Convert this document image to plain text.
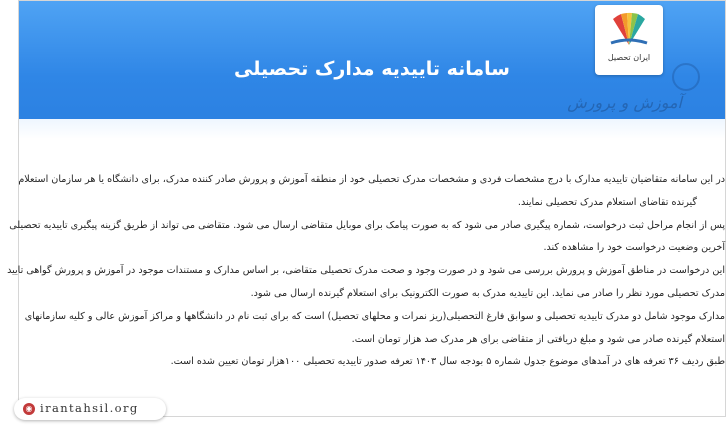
سامانه تاییدیه مدارک تحصیلی
آموزش و پرورش

در این سامانه متقاضیان تاییدیه مدارک با درج مشخصات فردی و مشخصات مدرک تحصیلی خود از منطقه آموزش و پرورش صادر کننده مدرک، برای دانشگاه یا هر سازمان استعلام

گیرنده تقاضای استعلام مدرک تحصیلی نمایند.

پس از انجام مراحل ثبت درخواست، شماره پیگیری صادر می شود که به صورت پیامک برای موبایل متقاضی ارسال می شود. متقاضی می تواند از طریق گزینه پیگیری تاییدیه تحصیلی

آخرین وضعیت درخواست خود را مشاهده کند.

این درخواست در مناطق آموزش و پرورش بررسی می شود و در صورت وجود و صحت مدرک تحصیلی متقاضی، بر اساس مدارک و مستندات موجود در آموزش و پرورش گواهی تایید

مدرک تحصیلی مورد نظر را صادر می نماید. این تاییدیه مدرک به صورت الکترونیک برای استعلام گیرنده ارسال می شود.

مدارک موجود شامل دو مدرک تاییدیه تحصیلی و سوابق فارغ التحصیلی(ریز نمرات و محلهای تحصیل) است که برای ثبت نام در دانشگاهها و مراکز آموزش عالی و کلیه سازمانهای

استعلام گیرنده صادر می شود و مبلغ دریافتی از متقاضی برای هر مدرک صد هزار تومان است.

طبق ردیف ۳۶ تعرفه های در آمدهای موضوع جدول شماره ۵ بودجه سال ۱۴۰۳ تعرفه صدور تاییدیه تحصیلی ۱۰۰هزار تومان تعیین شده است.

ایران تحصیل
◉ irantahsil.org
